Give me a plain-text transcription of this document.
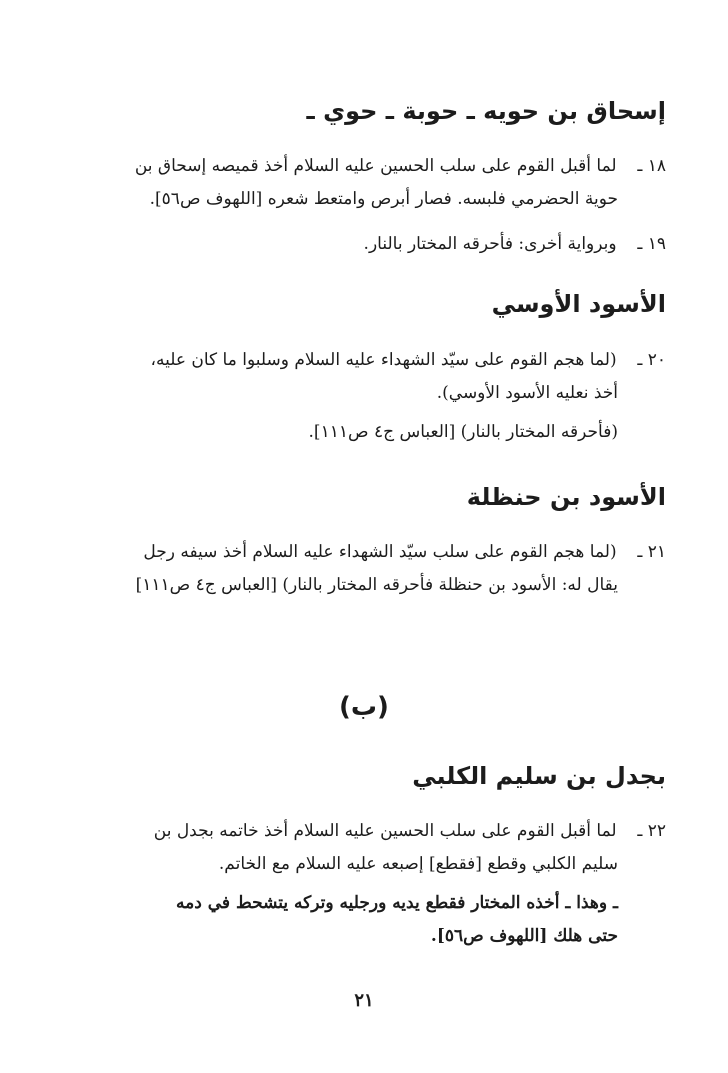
إسحاق بن حويه ـ حوبة ـ حوي ـ
١٨ ـ لما أقبل القوم على سلب الحسين عليه السلام أخذ قميصه إسحاق بن
حوية الحضرمي فلبسه. فصار أبرص وامتعط شعره [اللهوف ص٥٦].
١٩ ـ وبرواية أخرى: فأحرقه المختار بالنار.
الأسود الأوسي
٢٠ ـ (لما هجم القوم على سيّد الشهداء عليه السلام وسلبوا ما كان عليه،
أخذ نعليه الأسود الأوسي).
(فأحرقه المختار بالنار) [العباس ج٤ ص١١١].
الأسود بن حنظلة
٢١ ـ (لما هجم القوم على سلب سيّد الشهداء عليه السلام أخذ سيفه رجل
يقال له: الأسود بن حنظلة فأحرقه المختار بالنار) [العباس ج٤ ص١١١]
(ب)
بجدل بن سليم الكلبي
٢٢ ـ لما أقبل القوم على سلب الحسين عليه السلام أخذ خاتمه بجدل بن
سليم الكلبي وقطع [فقطع] إصبعه عليه السلام مع الخاتم.
ـ وهذا ـ أخذه المختار فقطع يديه ورجليه وتركه يتشحط في دمه
حتى هلك [اللهوف ص٥٦].
٢١
